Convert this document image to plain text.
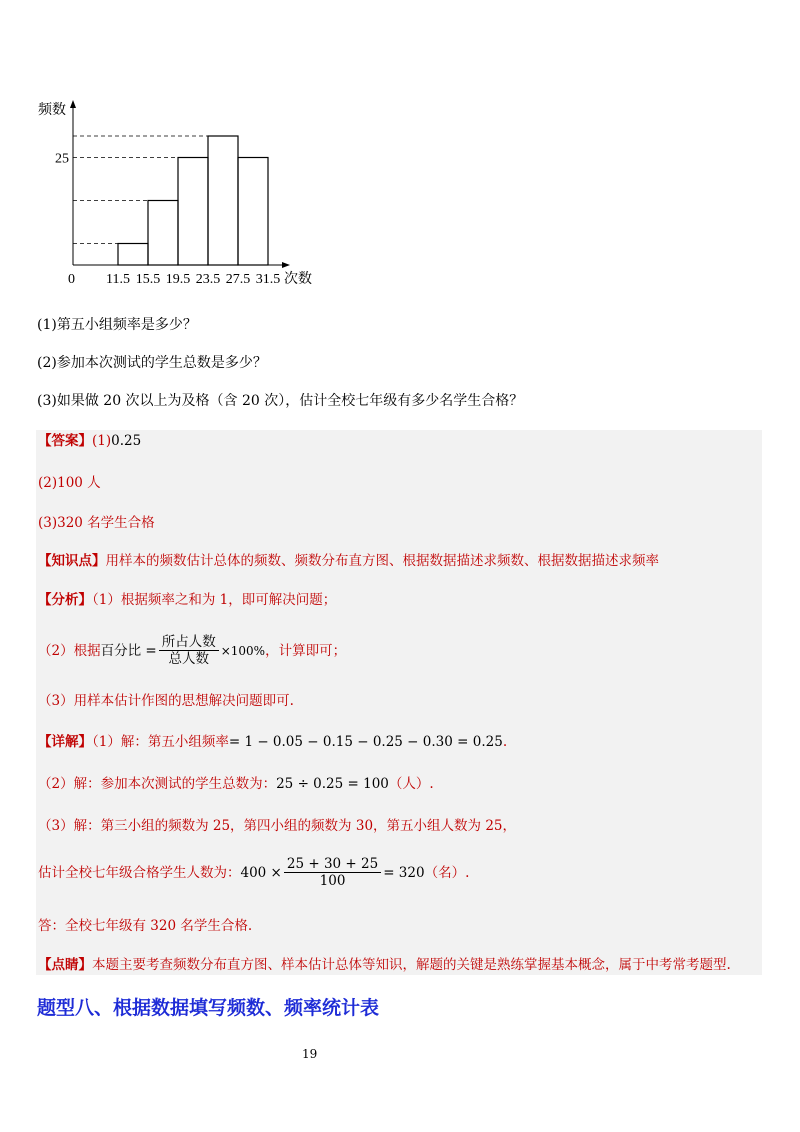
频数
次数
0 11.5 15.5 19.5 23.5 27.5 31.5
25
(1)第五小组频率是多少？
(2)参加本次测试的学生总数是多少？
(3)如果做 20 次以上为及格（含 20 次），估计全校七年级有多少名学生合格？
【答案】(1)0.25
(2)100 人
(3)320 名学生合格
【知识点】用样本的频数估计总体的频数、频数分布直方图、根据数据描述求频数、根据数据描述求频率
【分析】（1）根据频率之和为 1，即可解决问题；
（2）根据 百分比 = $\frac{\text{所占人数}}{\text{总人数}} \times 100\%$ ，计算即可；
（3）用样本估计作图的思想解决问题即可.
【详解】（1）解：第五小组频率= 1 − 0.05 − 0.15 − 0.25 − 0.30 = 0.25.
（2）解：参加本次测试的学生总数为：25 ÷ 0.25 = 100（人）.
（3）解：第三小组的频数为 25，第四小组的频数为 30，第五小组人数为 25，
估计全校七年级合格学生人数为： $400 \times \frac{25 + 30 + 25}{100} = 320$ （名）.
答：全校七年级有 320 名学生合格.
【点睛】本题主要考查频数分布直方图、样本估计总体等知识，解题的关键是熟练掌握基本概念，属于中考常考题型.
题型八、根据数据填写频数、频率统计表
19
